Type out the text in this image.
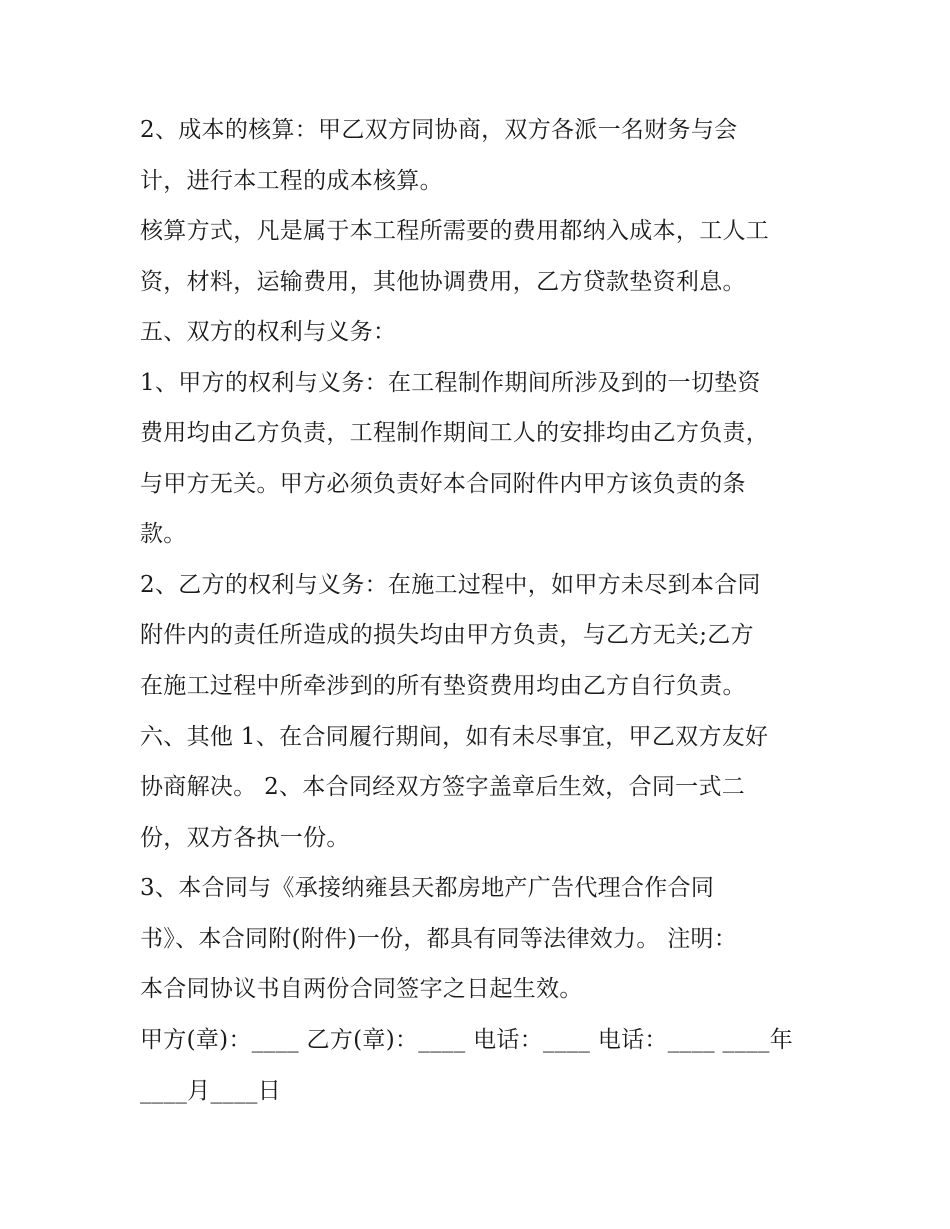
2、成本的核算：甲乙双方同协商，双方各派一名财务与会
计，进行本工程的成本核算。
核算方式，凡是属于本工程所需要的费用都纳入成本，工人工
资，材料，运输费用，其他协调费用，乙方贷款垫资利息。
五、双方的权利与义务：
1、甲方的权利与义务：在工程制作期间所涉及到的一切垫资
费用均由乙方负责，工程制作期间工人的安排均由乙方负责，
与甲方无关。甲方必须负责好本合同附件内甲方该负责的条
款。
2、乙方的权利与义务：在施工过程中，如甲方未尽到本合同
附件内的责任所造成的损失均由甲方负责，与乙方无关;乙方
在施工过程中所牵涉到的所有垫资费用均由乙方自行负责。
六、其他 1、在合同履行期间，如有未尽事宜，甲乙双方友好
协商解决。 2、本合同经双方签字盖章后生效，合同一式二
份，双方各执一份。
3、本合同与《承接纳雍县天都房地产广告代理合作合同
书》、本合同附(附件)一份，都具有同等法律效力。 注明：
本合同协议书自两份合同签字之日起生效。
甲方(章)：____ 乙方(章)：____ 电话：____ 电话：____ ____年
____月____日
